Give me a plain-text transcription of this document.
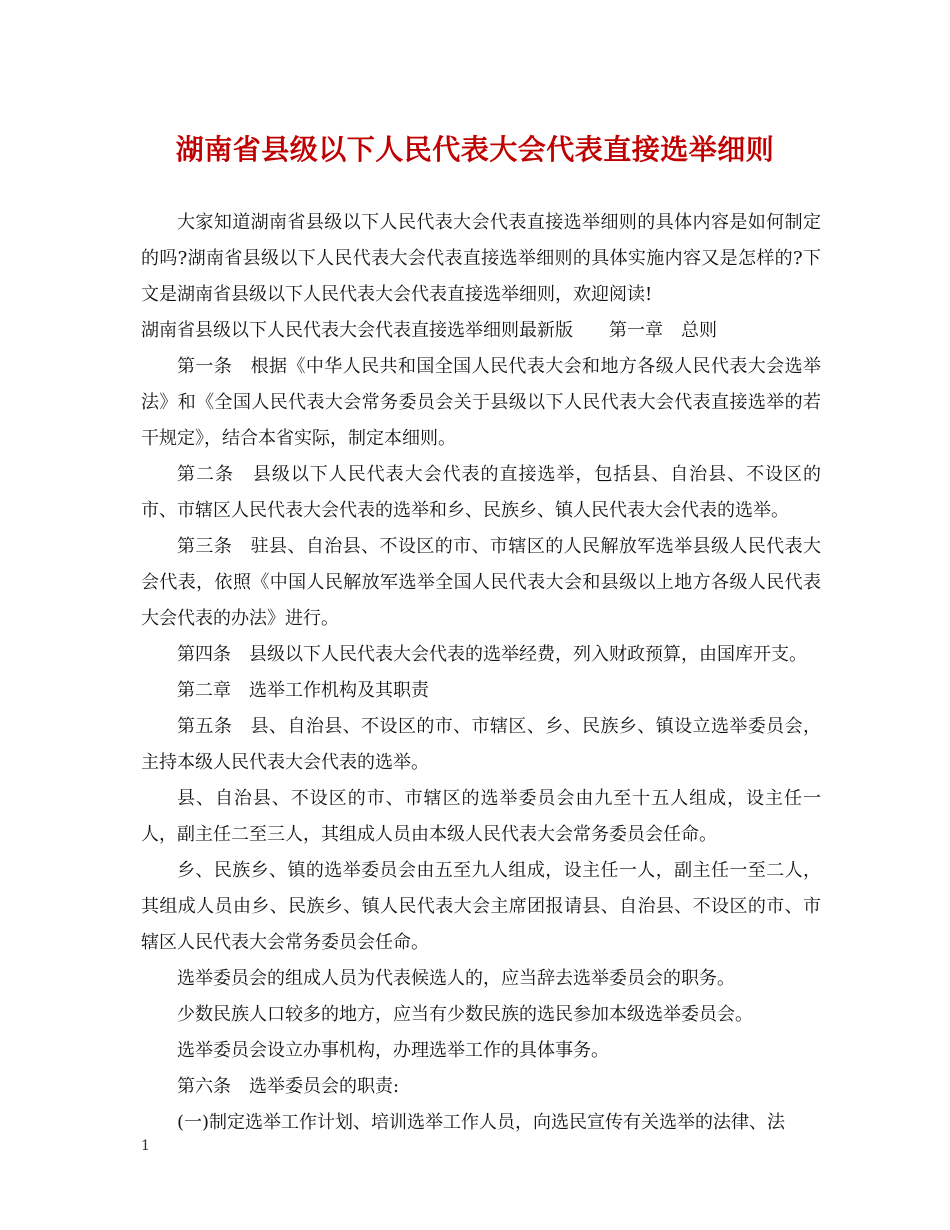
湖南省县级以下人民代表大会代表直接选举细则

大家知道湖南省县级以下人民代表大会代表直接选举细则的具体内容是如何制定的吗?湖南省县级以下人民代表大会代表直接选举细则的具体实施内容又是怎样的?下文是湖南省县级以下人民代表大会代表直接选举细则，欢迎阅读!

湖南省县级以下人民代表大会代表直接选举细则最新版　　第一章　总则

第一条　根据《中华人民共和国全国人民代表大会和地方各级人民代表大会选举法》和《全国人民代表大会常务委员会关于县级以下人民代表大会代表直接选举的若干规定》，结合本省实际，制定本细则。

第二条　县级以下人民代表大会代表的直接选举，包括县、自治县、不设区的市、市辖区人民代表大会代表的选举和乡、民族乡、镇人民代表大会代表的选举。

第三条　驻县、自治县、不设区的市、市辖区的人民解放军选举县级人民代表大会代表，依照《中国人民解放军选举全国人民代表大会和县级以上地方各级人民代表大会代表的办法》进行。

第四条　县级以下人民代表大会代表的选举经费，列入财政预算，由国库开支。

第二章　选举工作机构及其职责

第五条　县、自治县、不设区的市、市辖区、乡、民族乡、镇设立选举委员会，主持本级人民代表大会代表的选举。

县、自治县、不设区的市、市辖区的选举委员会由九至十五人组成，设主任一人，副主任二至三人，其组成人员由本级人民代表大会常务委员会任命。

乡、民族乡、镇的选举委员会由五至九人组成，设主任一人，副主任一至二人，其组成人员由乡、民族乡、镇人民代表大会主席团报请县、自治县、不设区的市、市辖区人民代表大会常务委员会任命。

选举委员会的组成人员为代表候选人的，应当辞去选举委员会的职务。

少数民族人口较多的地方，应当有少数民族的选民参加本级选举委员会。

选举委员会设立办事机构，办理选举工作的具体事务。

第六条　选举委员会的职责:

(一)制定选举工作计划、培训选举工作人员，向选民宣传有关选举的法律、法

1
